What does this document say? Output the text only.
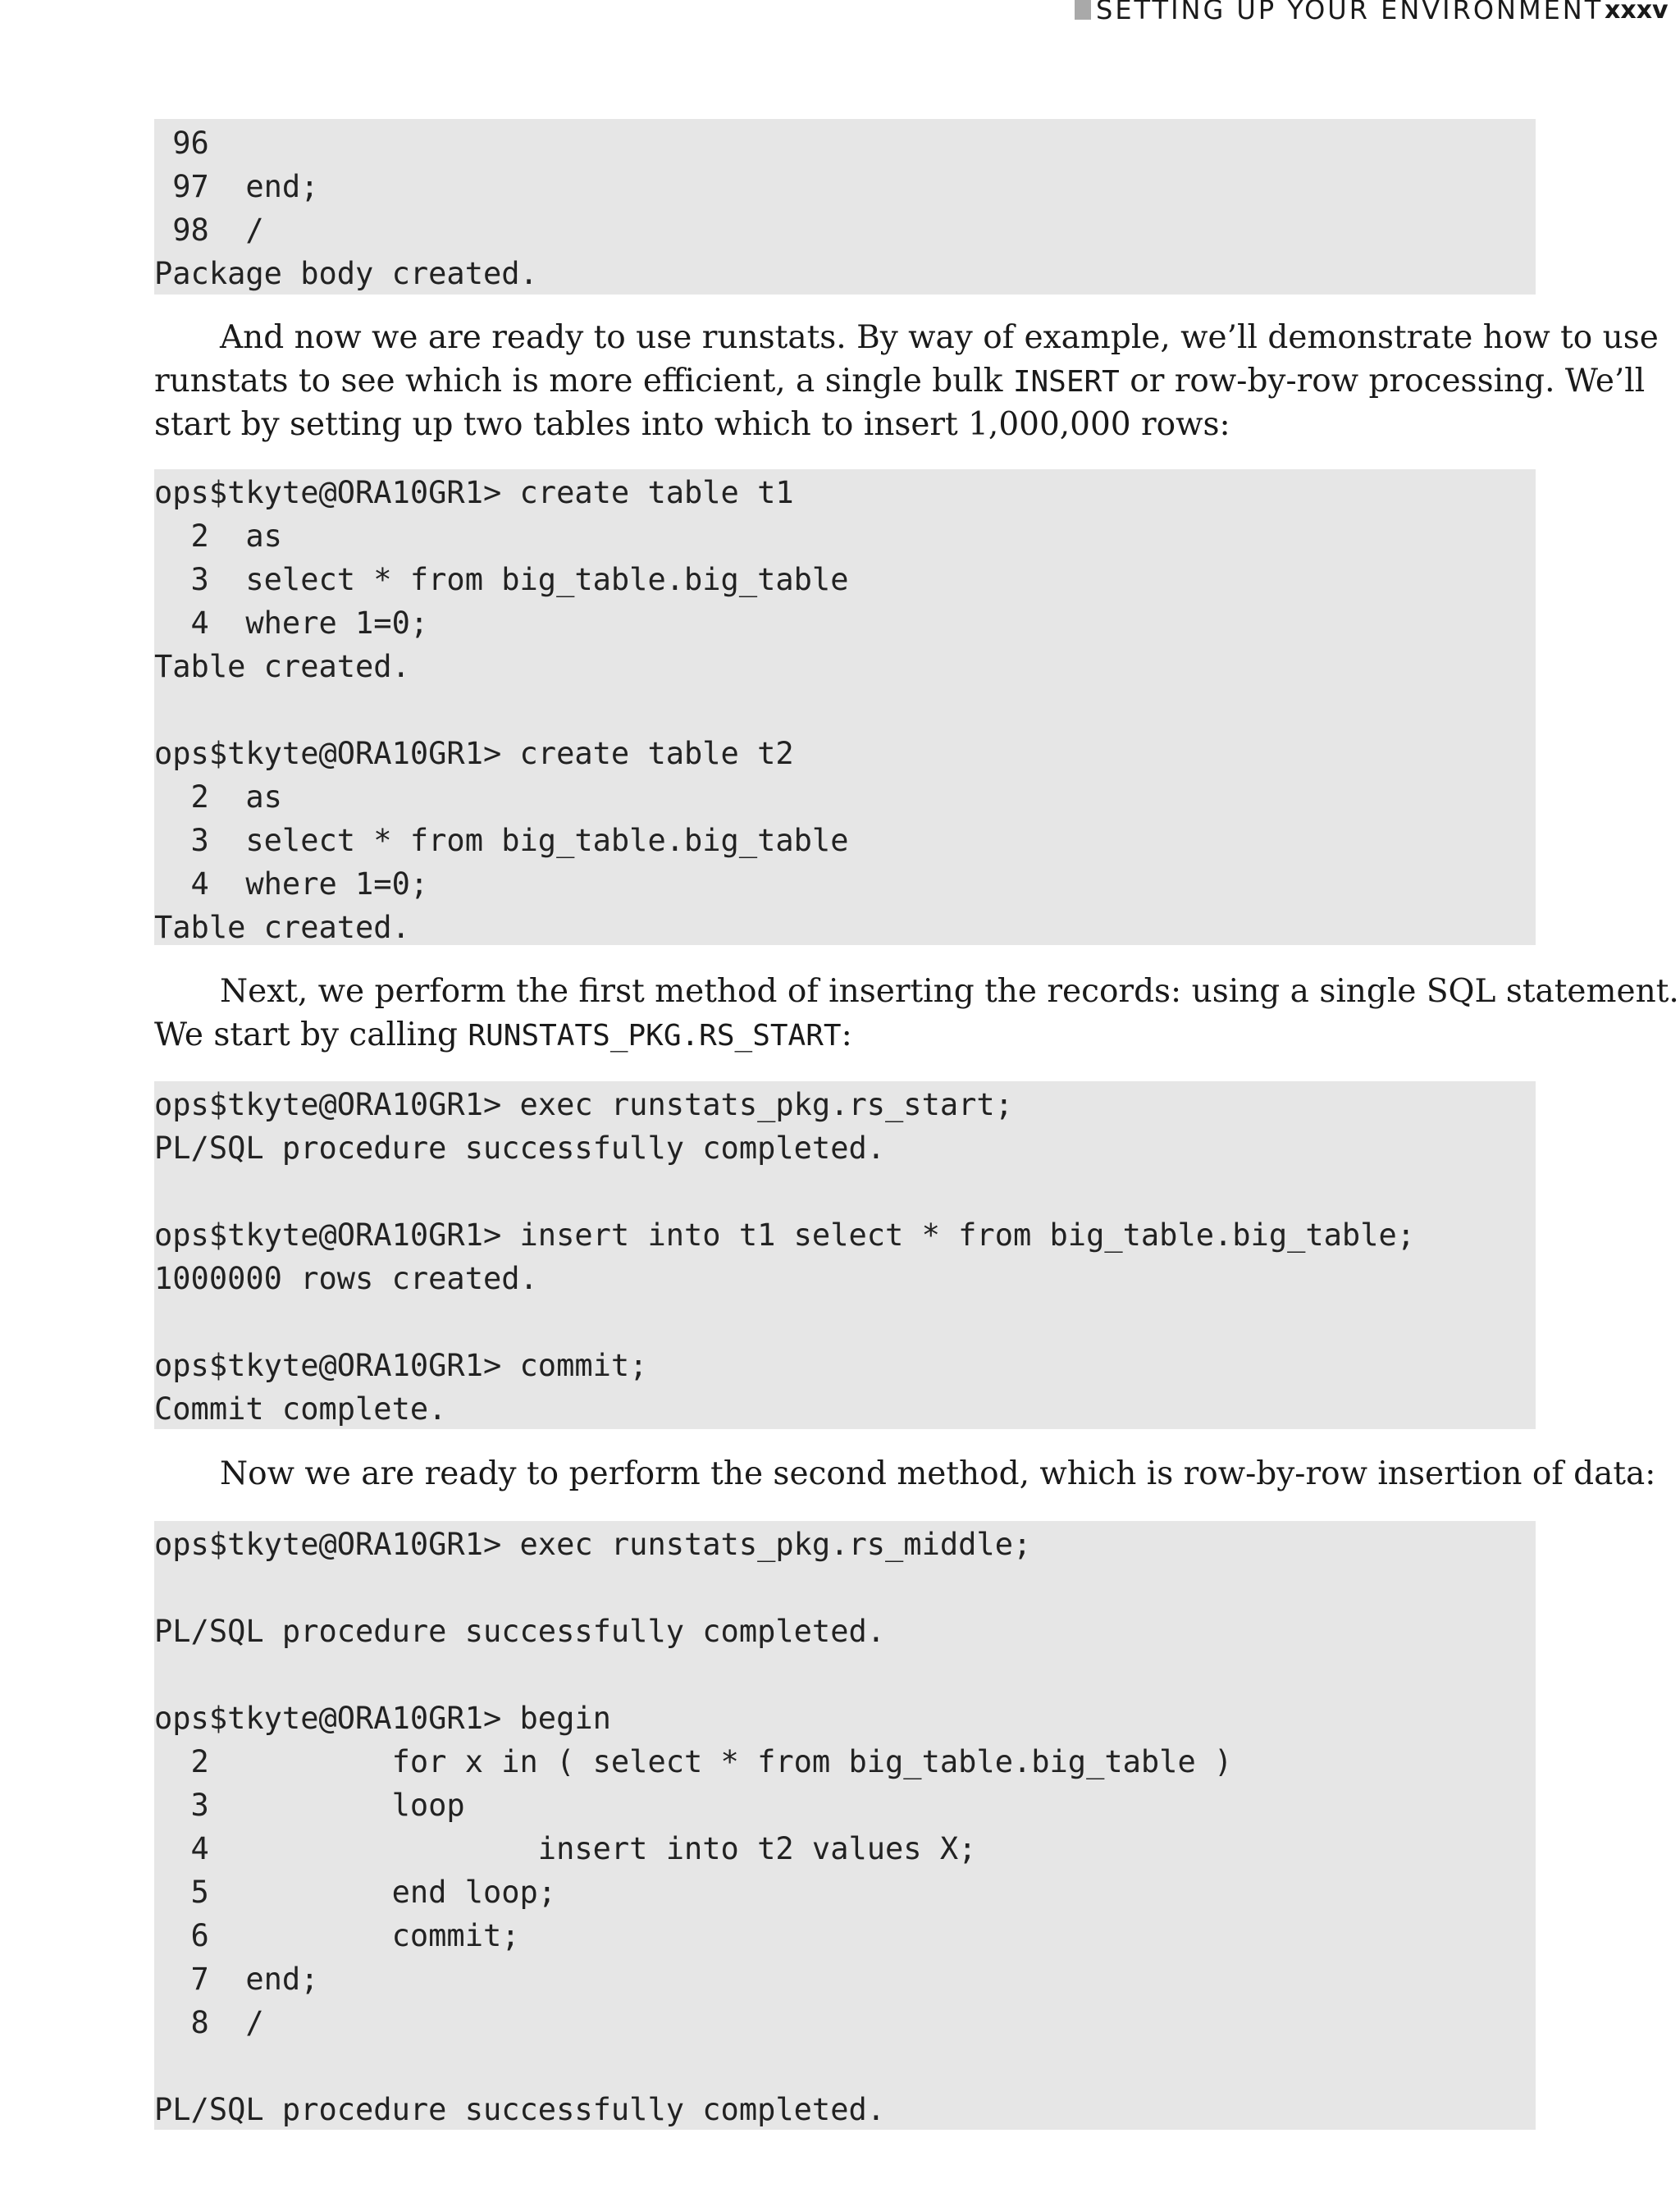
SETTING UP YOUR ENVIRONMENT xxxv
96
97  end;
98  /
Package body created.
And now we are ready to use runstats. By way of example, we’ll demonstrate how to use
runstats to see which is more efficient, a single bulk INSERT or row-by-row processing. We’ll
start by setting up two tables into which to insert 1,000,000 rows:
ops$tkyte@ORA10GR1> create table t1
2  as
3  select * from big_table.big_table
4  where 1=0;
Table created.
ops$tkyte@ORA10GR1> create table t2
2  as
3  select * from big_table.big_table
4  where 1=0;
Table created.
Next, we perform the first method of inserting the records: using a single SQL statement.
We start by calling RUNSTATS_PKG.RS_START:
ops$tkyte@ORA10GR1> exec runstats_pkg.rs_start;
PL/SQL procedure successfully completed.
ops$tkyte@ORA10GR1> insert into t1 select * from big_table.big_table;
1000000 rows created.
ops$tkyte@ORA10GR1> commit;
Commit complete.
Now we are ready to perform the second method, which is row-by-row insertion of data:
ops$tkyte@ORA10GR1> exec runstats_pkg.rs_middle;
PL/SQL procedure successfully completed.
ops$tkyte@ORA10GR1> begin
2          for x in ( select * from big_table.big_table )
3          loop
4                  insert into t2 values X;
5          end loop;
6          commit;
7  end;
8  /
PL/SQL procedure successfully completed.
